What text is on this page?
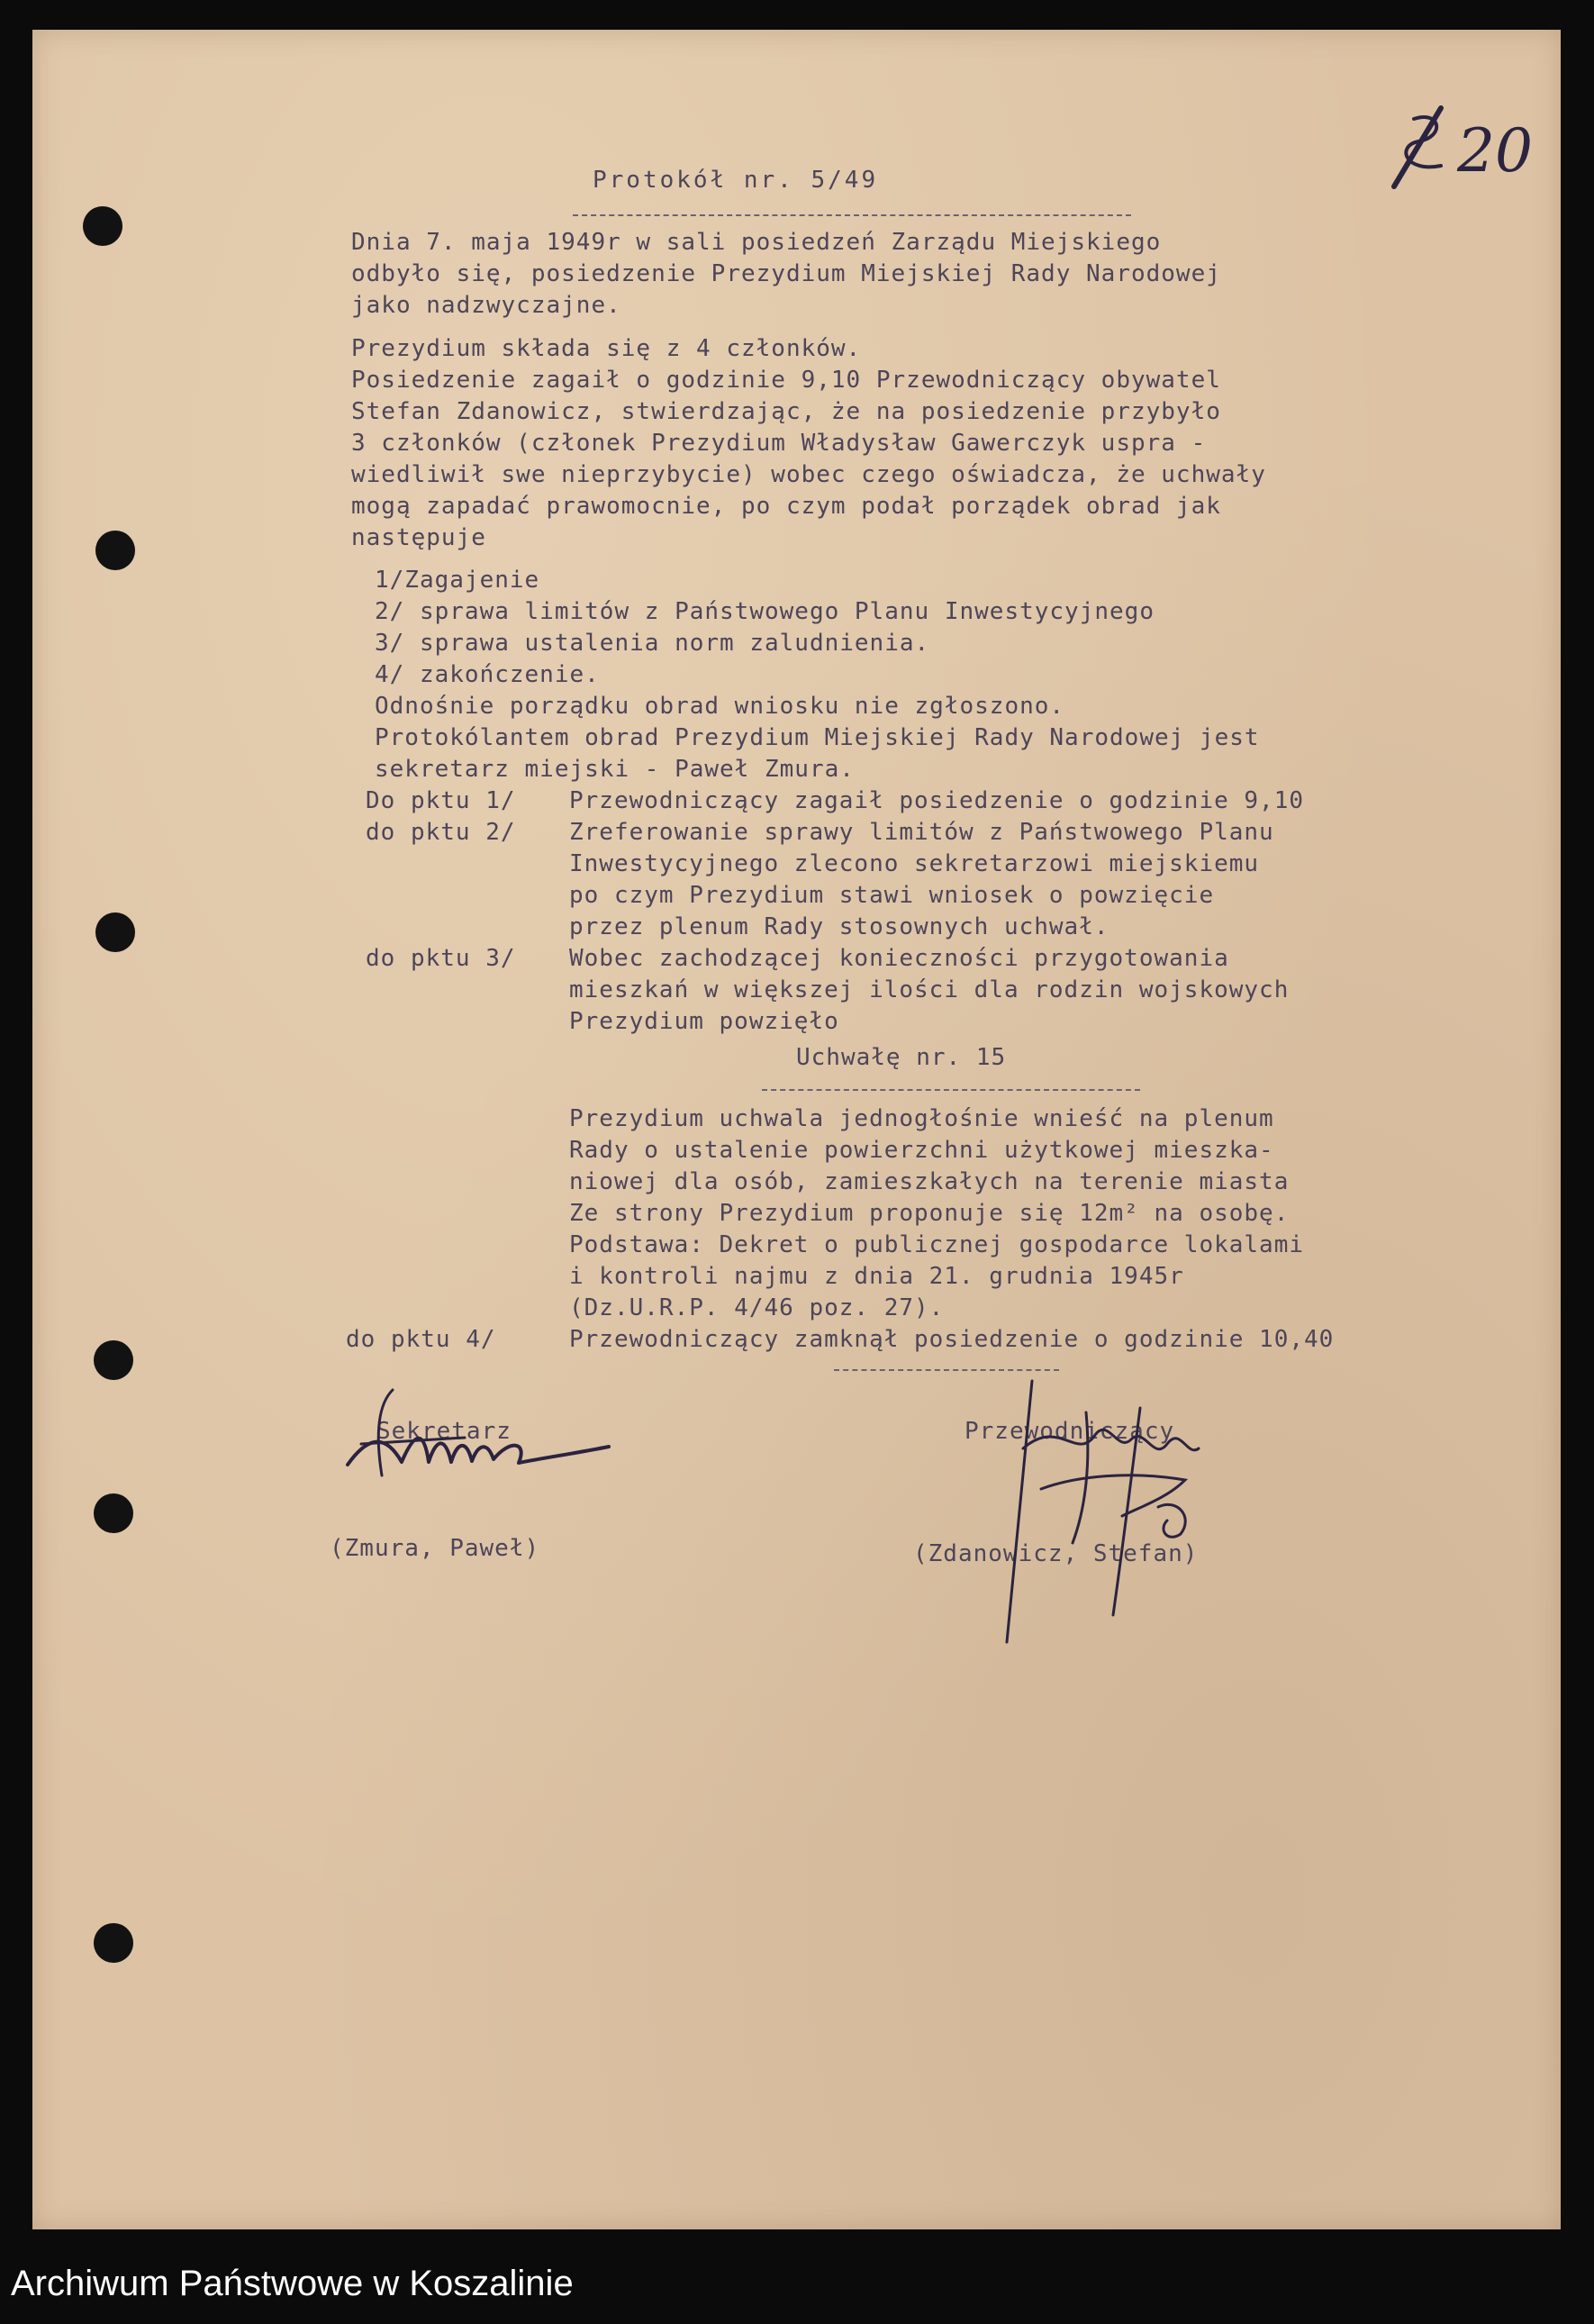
20
Protokół nr. 5/49
Dnia 7. maja 1949r w sali posiedzeń Zarządu Miejskiego
odbyło się, posiedzenie Prezydium Miejskiej Rady Narodowej
jako nadzwyczajne.
Prezydium składa się z 4 członków.
Posiedzenie zagaił o godzinie 9,10 Przewodniczący obywatel
Stefan Zdanowicz, stwierdzając, że na posiedzenie przybyło
3 członków (członek Prezydium Władysław Gawerczyk uspra -
wiedliwił swe nieprzybycie) wobec czego oświadcza, że uchwały
mogą zapadać prawomocnie, po czym podał porządek obrad jak
następuje
1/Zagajenie
2/ sprawa limitów z Państwowego Planu Inwestycyjnego
3/ sprawa ustalenia norm zaludnienia.
4/ zakończenie.
Odnośnie porządku obrad wniosku nie zgłoszono.
Protokólantem obrad Prezydium Miejskiej Rady Narodowej jest
sekretarz miejski - Paweł Zmura.
Do pktu 1/ Przewodniczący zagaił posiedzenie o godzinie 9,10
do pktu 2/ Zreferowanie sprawy limitów z Państwowego Planu
Inwestycyjnego zlecono sekretarzowi miejskiemu
po czym Prezydium stawi wniosek o powzięcie
przez plenum Rady stosownych uchwał.
do pktu 3/ Wobec zachodzącej konieczności przygotowania
mieszkań w większej ilości dla rodzin wojskowych
Prezydium powzięło
Uchwałę nr. 15
Prezydium uchwala jednogłośnie wnieść na plenum
Rady o ustalenie powierzchni użytkowej mieszka-
niowej dla osób, zamieszkałych na terenie miasta
Ze strony Prezydium proponuje się 12m² na osobę.
Podstawa: Dekret o publicznej gospodarce lokalami
i kontroli najmu z dnia 21. grudnia 1945r
(Dz.U.R.P. 4/46 poz. 27).
do pktu 4/	Przewodniczący zamknął posiedzenie o godzinie 10,40
Sekretarz
(Zmura, Paweł)
Przewodniczący
(Zdanowicz, Stefan)
Archiwum Państwowe w Koszalinie
